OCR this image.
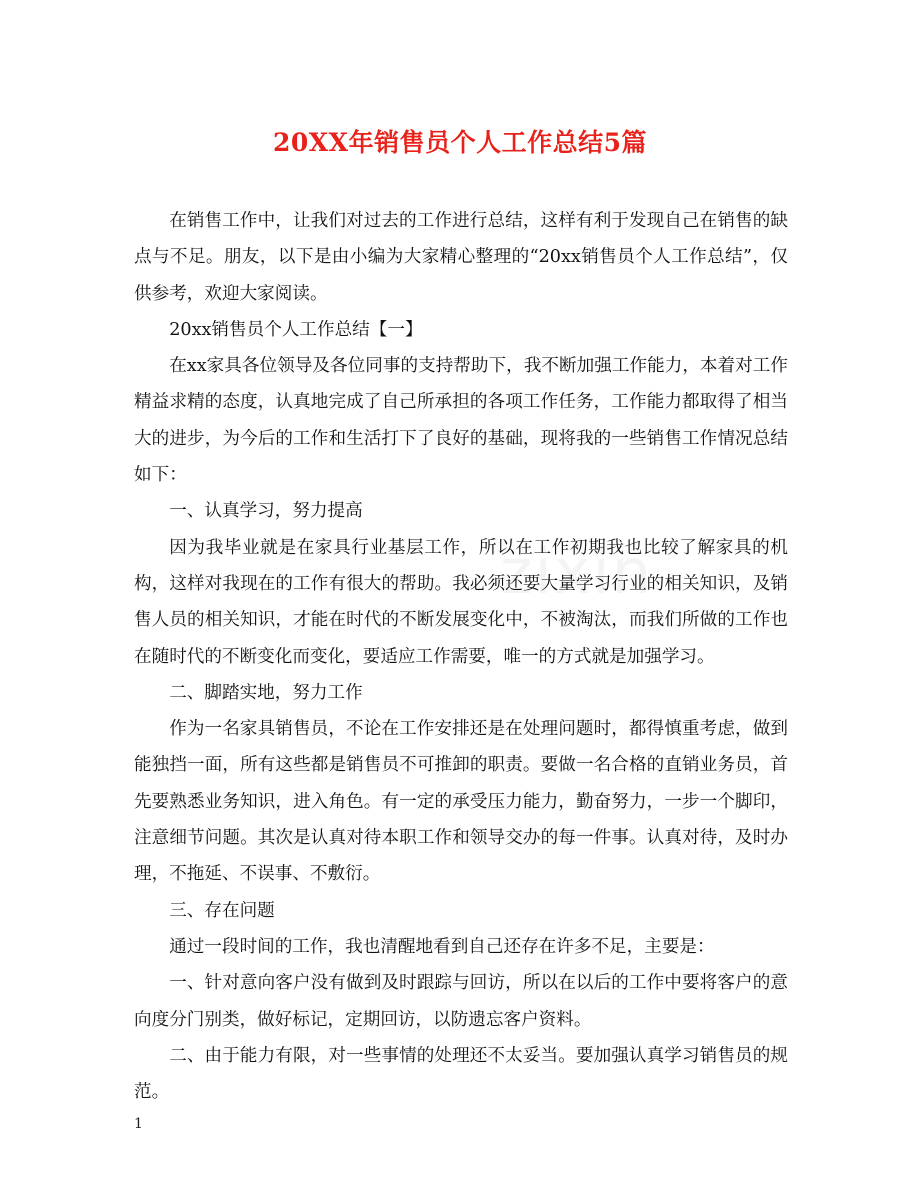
20XX年销售员个人工作总结5篇

在销售工作中，让我们对过去的工作进行总结，这样有利于发现自己在销售的缺点与不足。朋友，以下是由小编为大家精心整理的“20xx销售员个人工作总结”，仅供参考，欢迎大家阅读。

20xx销售员个人工作总结【一】

在xx家具各位领导及各位同事的支持帮助下，我不断加强工作能力，本着对工作精益求精的态度，认真地完成了自己所承担的各项工作任务，工作能力都取得了相当大的进步，为今后的工作和生活打下了良好的基础，现将我的一些销售工作情况总结如下：

一、认真学习，努力提高

因为我毕业就是在家具行业基层工作，所以在工作初期我也比较了解家具的机构，这样对我现在的工作有很大的帮助。我必须还要大量学习行业的相关知识，及销售人员的相关知识，才能在时代的不断发展变化中，不被淘汰，而我们所做的工作也在随时代的不断变化而变化，要适应工作需要，唯一的方式就是加强学习。

二、脚踏实地，努力工作

作为一名家具销售员，不论在工作安排还是在处理问题时，都得慎重考虑，做到能独挡一面，所有这些都是销售员不可推卸的职责。要做一名合格的直销业务员，首先要熟悉业务知识，进入角色。有一定的承受压力能力，勤奋努力，一步一个脚印，注意细节问题。其次是认真对待本职工作和领导交办的每一件事。认真对待，及时办理，不拖延、不误事、不敷衍。

三、存在问题

通过一段时间的工作，我也清醒地看到自己还存在许多不足，主要是：

一、针对意向客户没有做到及时跟踪与回访，所以在以后的工作中要将客户的意向度分门别类，做好标记，定期回访，以防遗忘客户资料。

二、由于能力有限，对一些事情的处理还不太妥当。要加强认真学习销售员的规范。

1
